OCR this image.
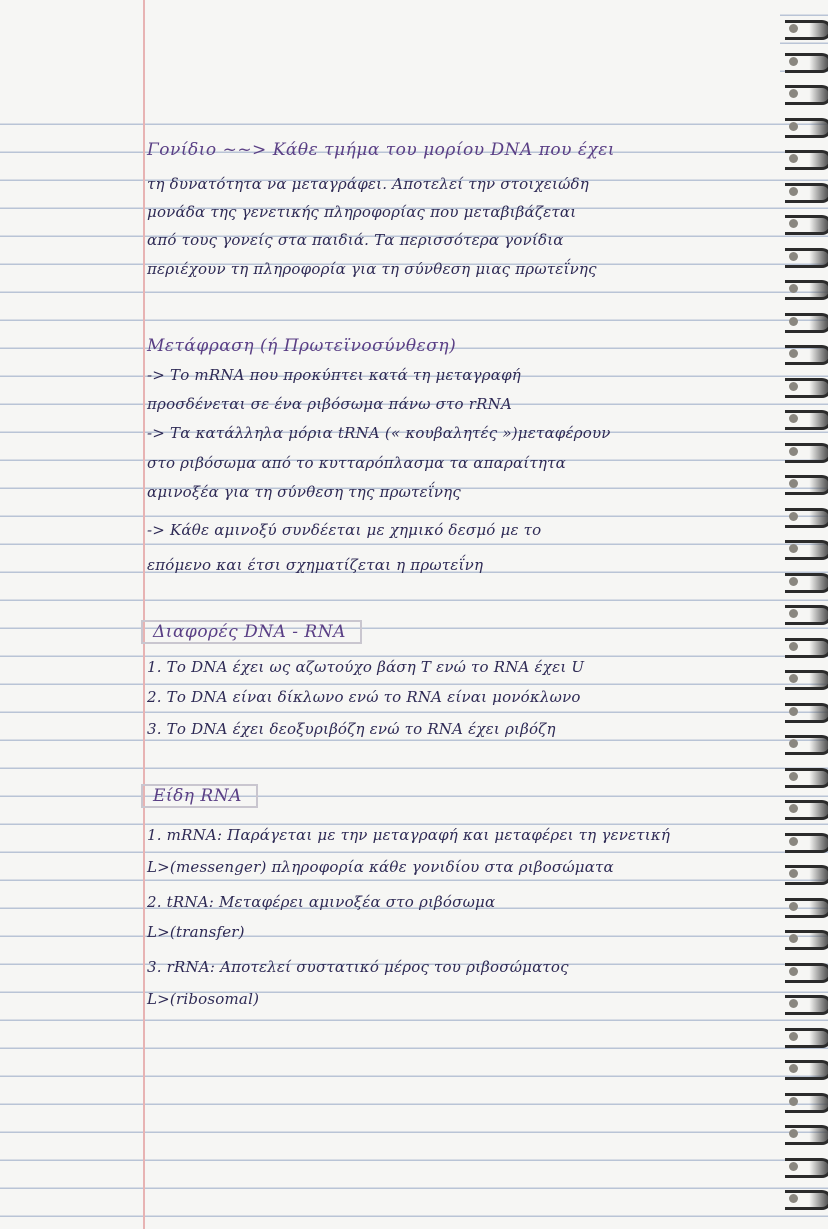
Γονίδιο ~~> Κάθε τμήμα του μορίου DNA που έχει
τη δυνατότητα να μεταγράφει. Αποτελεί την στοιχειώδη
μονάδα της γενετικής πληροφορίας που μεταβιβάζεται
από τους γονείς στα παιδιά. Τα περισσότερα γονίδια
περιέχουν τη πληροφορία για τη σύνθεση μιας πρωτεΐνης
Μετάφραση (ή Πρωτεϊνοσύνθεση)
-> Το mRNA που προκύπτει κατά τη μεταγραφή
προσδένεται σε ένα ριβόσωμα πάνω στο rRNA
-> Τα κατάλληλα μόρια tRNA (« κουβαλητές »)μεταφέρουν
στο ριβόσωμα από το κυτταρόπλασμα τα απαραίτητα
αμινοξέα για τη σύνθεση της πρωτεΐνης
-> Κάθε αμινοξύ συνδέεται με χημικό δεσμό με το
επόμενο και έτσι σχηματίζεται η πρωτεΐνη
Διαφορές DNA - RNA
1. Το DNA έχει ως αζωτούχο βάση T ενώ το RNA έχει U
2. Το DNA είναι δίκλωνο ενώ το RNA είναι μονόκλωνο
3. Το DNA έχει δεοξυριβόζη ενώ το RNA έχει ριβόζη
Είδη RNA
1. mRNA: Παράγεται με την μεταγραφή και μεταφέρει τη γενετική
L>(messenger) πληροφορία κάθε γονιδίου στα ριβοσώματα
2. tRNA: Μεταφέρει αμινοξέα στο ριβόσωμα
L>(transfer)
3. rRNA: Αποτελεί συστατικό μέρος του ριβοσώματος
L>(ribosomal)
